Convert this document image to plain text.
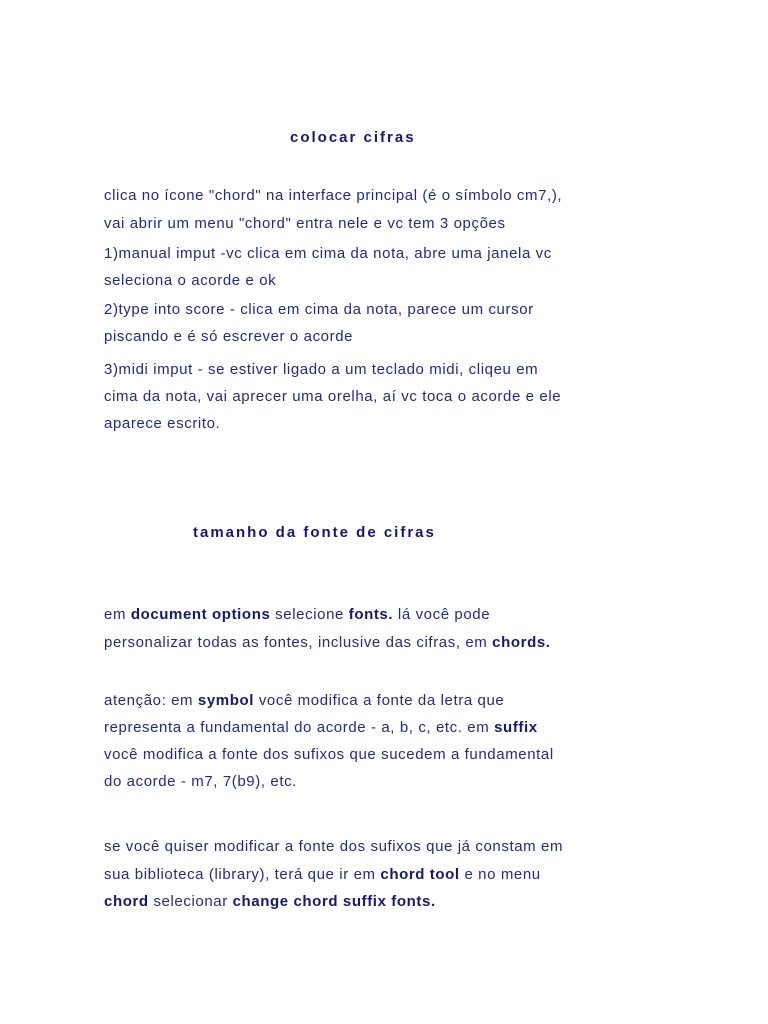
colocar cifras
clica no ícone "chord" na interface principal (é o símbolo cm7,),
vai abrir um menu "chord" entra nele e vc tem 3 opções
1)manual imput -vc clica em cima da nota, abre uma janela vc
seleciona o acorde e ok
2)type into score - clica em cima da nota, parece um cursor
piscando e é só escrever o acorde
3)midi imput - se estiver ligado a um teclado midi, cliqeu em
cima da nota, vai aprecer uma orelha, aí vc toca o acorde e ele
aparece escrito.
tamanho da fonte de cifras
em document options selecione fonts. lá você pode
personalizar todas as fontes, inclusive das cifras, em chords.
atenção: em symbol você modifica a fonte da letra que
representa a fundamental do acorde - a, b, c, etc. em suffix
você modifica a fonte dos sufixos que sucedem a fundamental
do acorde - m7, 7(b9), etc.
se você quiser modificar a fonte dos sufixos que já constam em
sua biblioteca (library), terá que ir em chord tool e no menu
chord selecionar change chord suffix fonts.
